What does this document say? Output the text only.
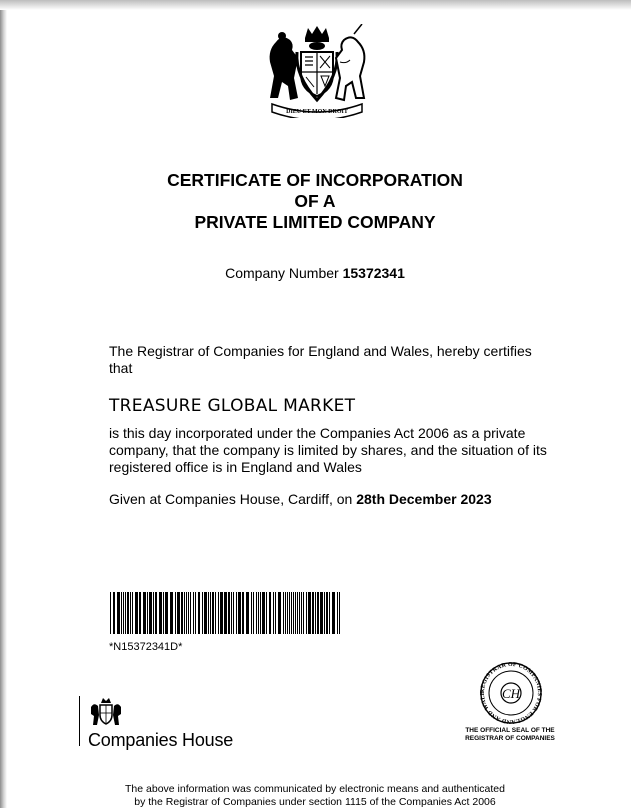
DIEU ET MON DROIT
CERTIFICATE OF INCORPORATION
OF A
PRIVATE LIMITED COMPANY
Company Number 15372341
The Registrar of Companies for England and Wales, hereby certifies
that
TREASURE GLOBAL MARKET
is this day incorporated under the Companies Act 2006 as a private
company, that the company is limited by shares, and the situation of its
registered office is in England and Wales
Given at Companies House, Cardiff, on 28th December 2023
*N15372341D*
Companies House
REGISTRAR OF COMPANIES FOR ENGLAND AND WALE	CH
THE OFFICIAL SEAL OF THE
REGISTRAR OF COMPANIES
The above information was communicated by electronic means and authenticated
by the Registrar of Companies under section 1115 of the Companies Act 2006
